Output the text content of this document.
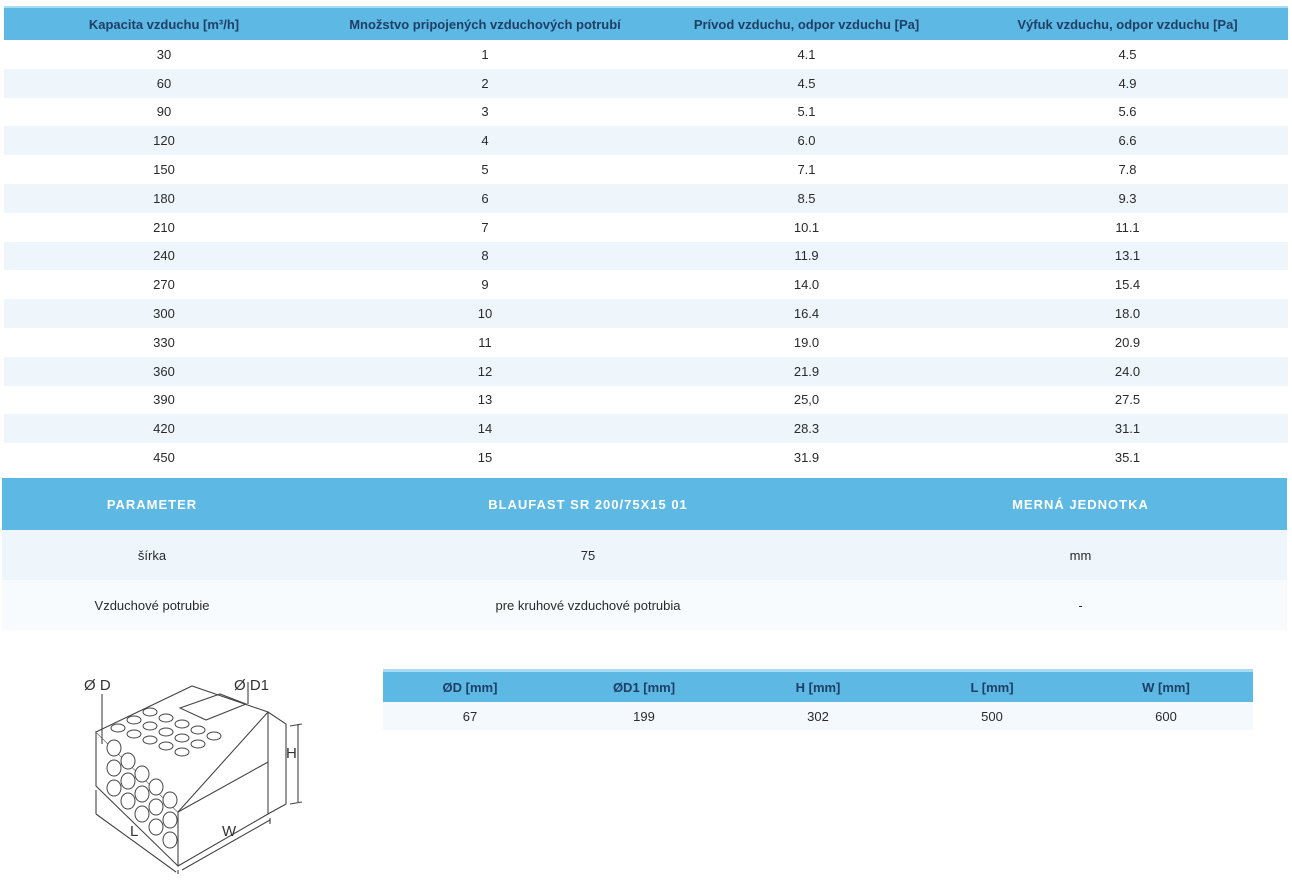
Kapacita vzduchu [m³/h]	Množstvo pripojených vzduchových potrubí	Prívod vzduchu, odpor vzduchu [Pa]	Výfuk vzduchu, odpor vzduchu [Pa]
30	1	4.1	4.5
60	2	4.5	4.9
90	3	5.1	5.6
120	4	6.0	6.6
150	5	7.1	7.8
180	6	8.5	9.3
210	7	10.1	11.1
240	8	11.9	13.1
270	9	14.0	15.4
300	10	16.4	18.0
330	11	19.0	20.9
360	12	21.9	24.0
390	13	25,0	27.5
420	14	28.3	31.1
450	15	31.9	35.1
PARAMETER	BLAUFAST SR 200/75X15 01	MERNÁ JEDNOTKA
šírka	75	mm
Vzduchové potrubie	pre kruhové vzduchové potrubia	-
Ø D	Ø D1
H
L	W
ØD [mm]	ØD1 [mm]	H [mm]	L [mm]	W [mm]
67	199	302	500	600
